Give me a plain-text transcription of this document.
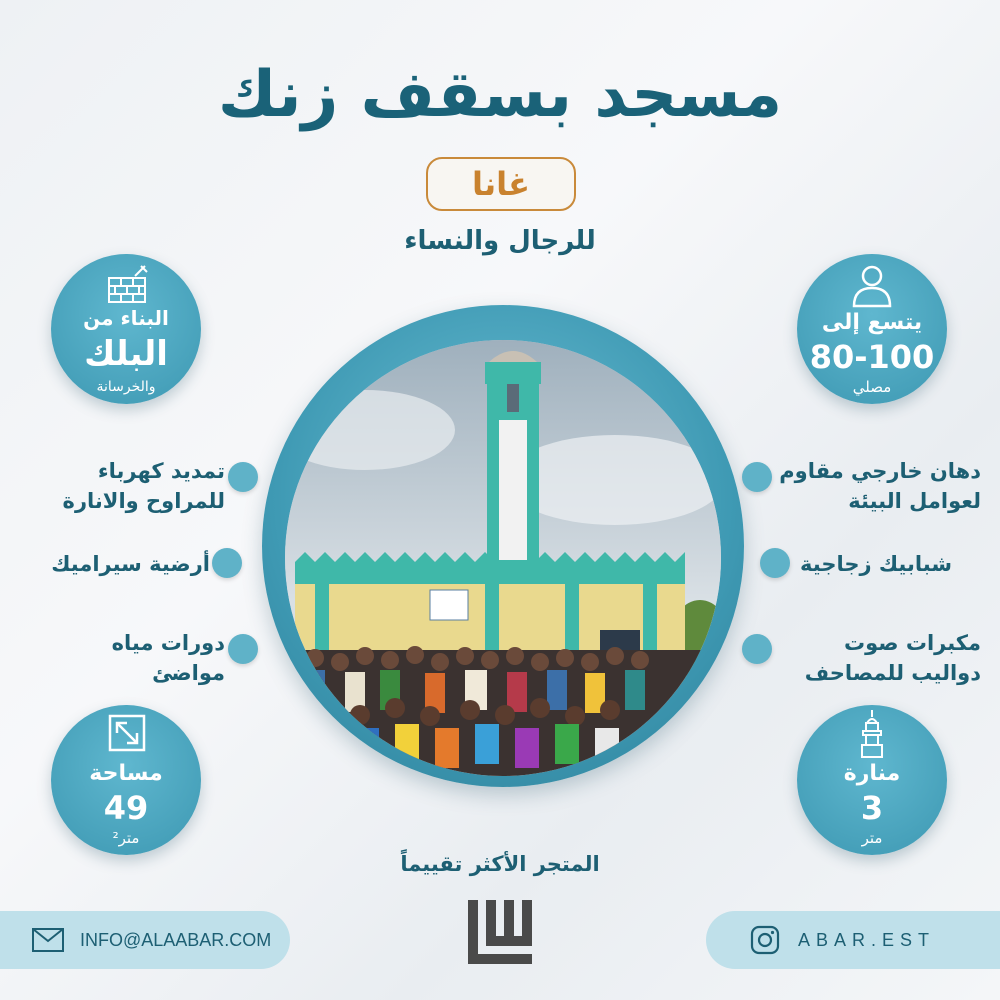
مسجد بسقف زنك
غانا
للرجال والنساء
البناء من
البلك
والخرسانة
يتسع إلى
80-100
مصلي
مساحة
49
متر²
منارة
3
متر
تمديد كهرباء
للمراوح والانارة
أرضية سيراميك
دورات مياه
مواضئ
دهان خارجي مقاوم
لعوامل البيئة
شبابيك زجاجية
مكبرات صوت
دواليب للمصاحف
المتجر الأكثر تقييماً
INFO@ALAABAR.COM	ABAR.EST
